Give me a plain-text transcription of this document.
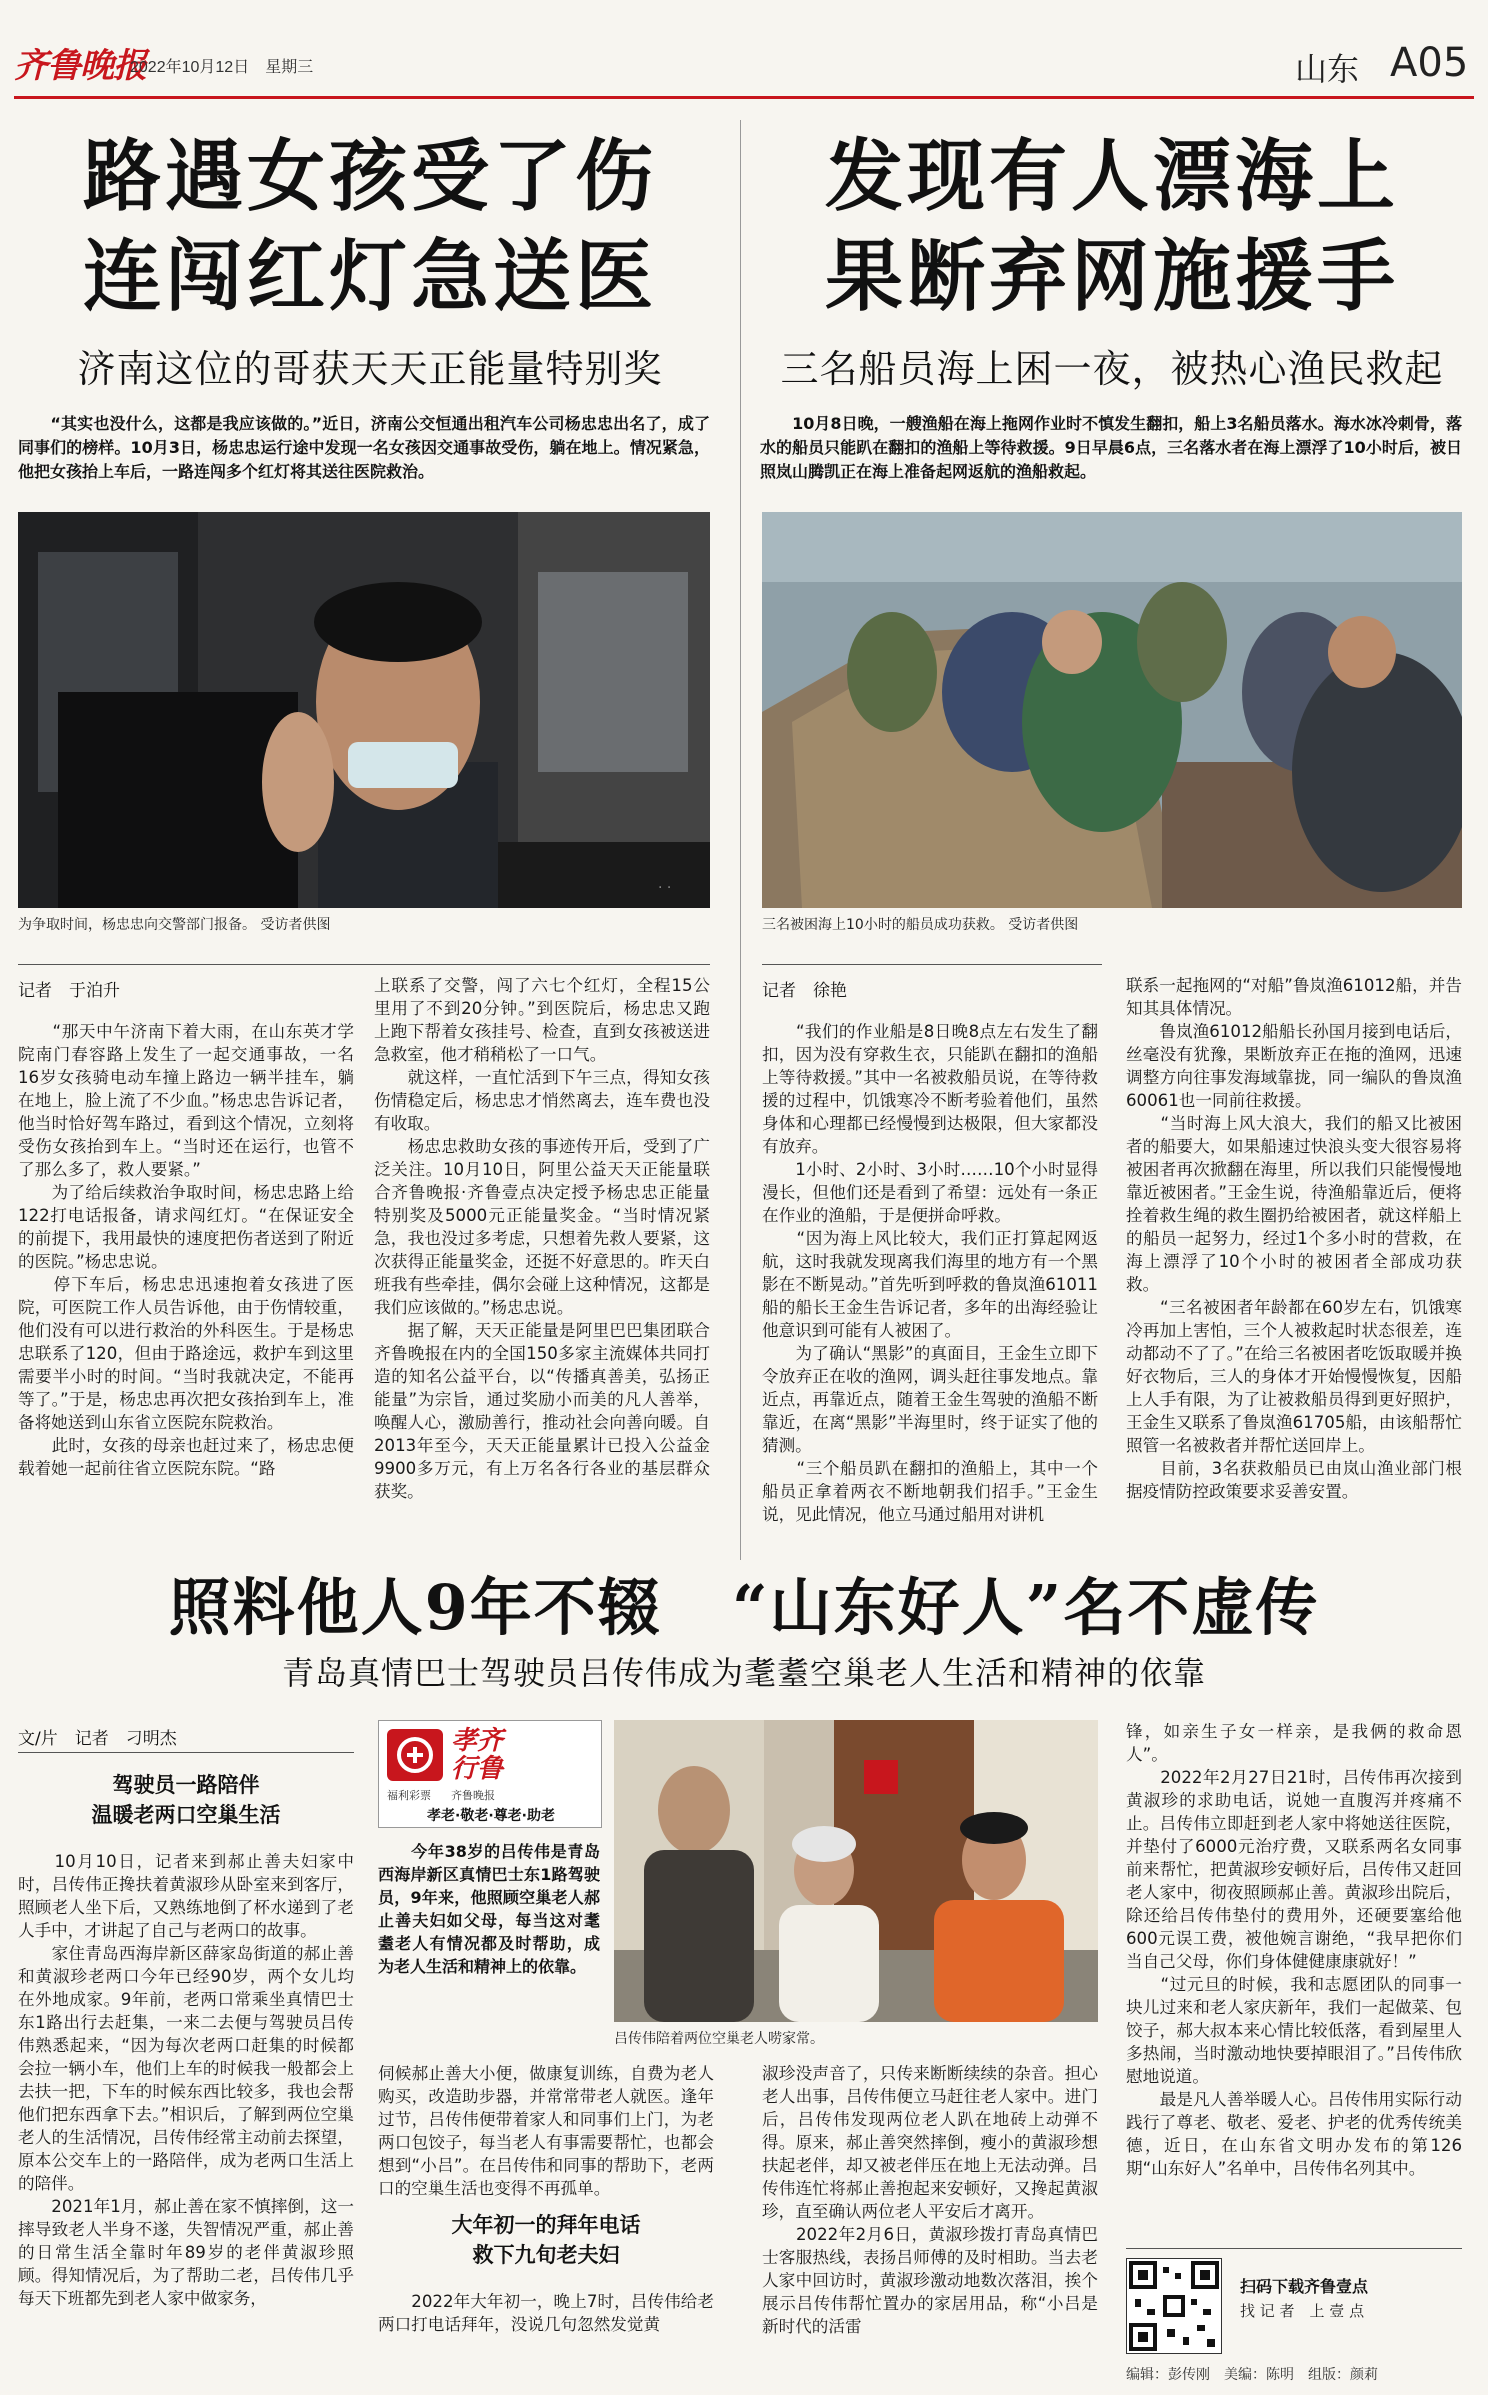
齐鲁晚报
2022年10月12日　星期三	山东 A05
路遇女孩受了伤
连闯红灯急送医
济南这位的哥获天天正能量特别奖
　　“其实也没什么，这都是我应该做的。”近日，济南公交恒通出租汽车公司杨忠忠出名了，成了同事们的榜样。10月3日，杨忠忠运行途中发现一名女孩因交通事故受伤，躺在地上。情况紧急，他把女孩抬上车后，一路连闯多个红灯将其送往医院救治。
· ·
为争取时间，杨忠忠向交警部门报备。 受访者供图
记者　于泊升
　　“那天中午济南下着大雨，在山东英才学院南门春容路上发生了一起交通事故，一名16岁女孩骑电动车撞上路边一辆半挂车，躺在地上，脸上流了不少血。”杨忠忠告诉记者，他当时恰好驾车路过，看到这个情况，立刻将受伤女孩抬到车上。“当时还在运行，也管不了那么多了，救人要紧。”
　　为了给后续救治争取时间，杨忠忠路上给122打电话报备，请求闯红灯。“在保证安全的前提下，我用最快的速度把伤者送到了附近的医院。”杨忠忠说。
　　停下车后，杨忠忠迅速抱着女孩进了医院，可医院工作人员告诉他，由于伤情较重，他们没有可以进行救治的外科医生。于是杨忠忠联系了120，但由于路途远，救护车到这里需要半小时的时间。“当时我就决定，不能再等了。”于是，杨忠忠再次把女孩抬到车上，准备将她送到山东省立医院东院救治。
　　此时，女孩的母亲也赶过来了，杨忠忠便载着她一起前往省立医院东院。“路
上联系了交警，闯了六七个红灯，全程15公里用了不到20分钟。”到医院后，杨忠忠又跑上跑下帮着女孩挂号、检查，直到女孩被送进急救室，他才稍稍松了一口气。
　　就这样，一直忙活到下午三点，得知女孩伤情稳定后，杨忠忠才悄然离去，连车费也没有收取。
　　杨忠忠救助女孩的事迹传开后，受到了广泛关注。10月10日，阿里公益天天正能量联合齐鲁晚报·齐鲁壹点决定授予杨忠忠正能量特别奖及5000元正能量奖金。“当时情况紧急，我也没过多考虑，只想着先救人要紧，这次获得正能量奖金，还挺不好意思的。昨天白班我有些牵挂，偶尔会碰上这种情况，这都是我们应该做的。”杨忠忠说。
　　据了解，天天正能量是阿里巴巴集团联合齐鲁晚报在内的全国150多家主流媒体共同打造的知名公益平台，以“传播真善美，弘扬正能量”为宗旨，通过奖励小而美的凡人善举，唤醒人心，激励善行，推动社会向善向暖。自2013年至今，天天正能量累计已投入公益金9900多万元，有上万名各行各业的基层群众获奖。
发现有人漂海上
果断弃网施援手
三名船员海上困一夜，被热心渔民救起
　　10月8日晚，一艘渔船在海上拖网作业时不慎发生翻扣，船上3名船员落水。海水冰冷刺骨，落水的船员只能趴在翻扣的渔船上等待救援。9日早晨6点，三名落水者在海上漂浮了10小时后，被日照岚山腾凯正在海上准备起网返航的渔船救起。
三名被困海上10小时的船员成功获救。 受访者供图
记者　徐艳
　　“我们的作业船是8日晚8点左右发生了翻扣，因为没有穿救生衣，只能趴在翻扣的渔船上等待救援。”其中一名被救船员说，在等待救援的过程中，饥饿寒冷不断考验着他们，虽然身体和心理都已经慢慢到达极限，但大家都没有放弃。
　　1小时、2小时、3小时……10个小时显得漫长，但他们还是看到了希望：远处有一条正在作业的渔船，于是便拼命呼救。
　　“因为海上风比较大，我们正打算起网返航，这时我就发现离我们海里的地方有一个黑影在不断晃动。”首先听到呼救的鲁岚渔61011船的船长王金生告诉记者，多年的出海经验让他意识到可能有人被困了。
　　为了确认“黑影”的真面目，王金生立即下令放弃正在收的渔网，调头赶往事发地点。靠近点，再靠近点，随着王金生驾驶的渔船不断靠近，在离“黑影”半海里时，终于证实了他的猜测。
　　“三个船员趴在翻扣的渔船上，其中一个船员正拿着两衣不断地朝我们招手。”王金生说，见此情况，他立马通过船用对讲机
联系一起拖网的“对船”鲁岚渔61012船，并告知其具体情况。
　　鲁岚渔61012船船长孙国月接到电话后，丝毫没有犹豫，果断放弃正在拖的渔网，迅速调整方向往事发海域靠拢，同一编队的鲁岚渔60061也一同前往救援。
　　“当时海上风大浪大，我们的船又比被困者的船要大，如果船速过快浪头变大很容易将被困者再次掀翻在海里，所以我们只能慢慢地靠近被困者。”王金生说，待渔船靠近后，便将拴着救生绳的救生圈扔给被困者，就这样船上的船员一起努力，经过1个多小时的营救，在海上漂浮了10个小时的被困者全部成功获救。
　　“三名被困者年龄都在60岁左右，饥饿寒冷再加上害怕，三个人被救起时状态很差，连动都动不了了。”在给三名被困者吃饭取暖并换好衣物后，三人的身体才开始慢慢恢复，因船上人手有限，为了让被救船员得到更好照护，王金生又联系了鲁岚渔61705船，由该船帮忙照管一名被救者并帮忙送回岸上。
　　目前，3名获救船员已由岚山渔业部门根据疫情防控政策要求妥善安置。
照料他人9年不辍 “山东好人”名不虚传
青岛真情巴士驾驶员吕传伟成为耄耋空巢老人生活和精神的依靠
文/片　记者　刁明杰
驾驶员一路陪伴
温暖老两口空巢生活
　　10月10日，记者来到郝止善夫妇家中时，吕传伟正搀扶着黄淑珍从卧室来到客厅，照顾老人坐下后，又熟练地倒了杯水递到了老人手中，才讲起了自己与老两口的故事。
　　家住青岛西海岸新区薛家岛街道的郝止善和黄淑珍老两口今年已经90岁，两个女儿均在外地成家。9年前，老两口常乘坐真情巴士东1路出行去赶集，一来二去便与驾驶员吕传伟熟悉起来，“因为每次老两口赶集的时候都会拉一辆小车，他们上车的时候我一般都会上去扶一把，下车的时候东西比较多，我也会帮他们把东西拿下去。”相识后，了解到两位空巢老人的生活情况，吕传伟经常主动前去探望，原本公交车上的一路陪伴，成为老两口生活上的陪伴。
　　2021年1月，郝止善在家不慎摔倒，这一摔导致老人半身不遂，失智情况严重，郝止善的日常生活全靠时年89岁的老伴黄淑珍照顾。得知情况后，为了帮助二老，吕传伟几乎每天下班都先到老人家中做家务，
孝齐行鲁
福利彩票 齐鲁晚报
孝老·敬老·尊老·助老
　　今年38岁的吕传伟是青岛西海岸新区真情巴士东1路驾驶员，9年来，他照顾空巢老人郝止善夫妇如父母，每当这对耄耋老人有情况都及时帮助，成为老人生活和精神上的依靠。
吕传伟陪着两位空巢老人唠家常。
伺候郝止善大小便，做康复训练，自费为老人购买，改造助步器，并常常带老人就医。逢年过节，吕传伟便带着家人和同事们上门，为老两口包饺子，每当老人有事需要帮忙，也都会想到“小吕”。在吕传伟和同事的帮助下，老两口的空巢生活也变得不再孤单。
大年初一的拜年电话
救下九旬老夫妇
　　2022年大年初一，晚上7时，吕传伟给老两口打电话拜年，没说几句忽然发觉黄
淑珍没声音了，只传来断断续续的杂音。担心老人出事，吕传伟便立马赶往老人家中。进门后，吕传伟发现两位老人趴在地砖上动弹不得。原来，郝止善突然摔倒，瘦小的黄淑珍想扶起老伴，却又被老伴压在地上无法动弹。吕传伟连忙将郝止善抱起来安顿好，又搀起黄淑珍，直至确认两位老人平安后才离开。
　　2022年2月6日，黄淑珍拨打青岛真情巴士客服热线，表扬吕师傅的及时相助。当去老人家中回访时，黄淑珍激动地数次落泪，挨个展示吕传伟帮忙置办的家居用品，称“小吕是新时代的活雷
锋，如亲生子女一样亲，是我俩的救命恩人”。
　　2022年2月27日21时，吕传伟再次接到黄淑珍的求助电话，说她一直腹泻并疼痛不止。吕传伟立即赶到老人家中将她送往医院，并垫付了6000元治疗费，又联系两名女同事前来帮忙，把黄淑珍安顿好后，吕传伟又赶回老人家中，彻夜照顾郝止善。黄淑珍出院后，除还给吕传伟垫付的费用外，还硬要塞给他600元误工费，被他婉言谢绝，“我早把你们当自己父母，你们身体健健康康就好！”
　　“过元旦的时候，我和志愿团队的同事一块儿过来和老人家庆新年，我们一起做菜、包饺子，郝大叔本来心情比较低落，看到屋里人多热闹，当时激动地快要掉眼泪了。”吕传伟欣慰地说道。
　　最是凡人善举暖人心。吕传伟用实际行动践行了尊老、敬老、爱老、护老的优秀传统美德，近日，在山东省文明办发布的第126期“山东好人”名单中，吕传伟名列其中。
扫码下载齐鲁壹点
找 记 者　上 壹 点
编辑：彭传刚　美编：陈明　组版：颜莉
